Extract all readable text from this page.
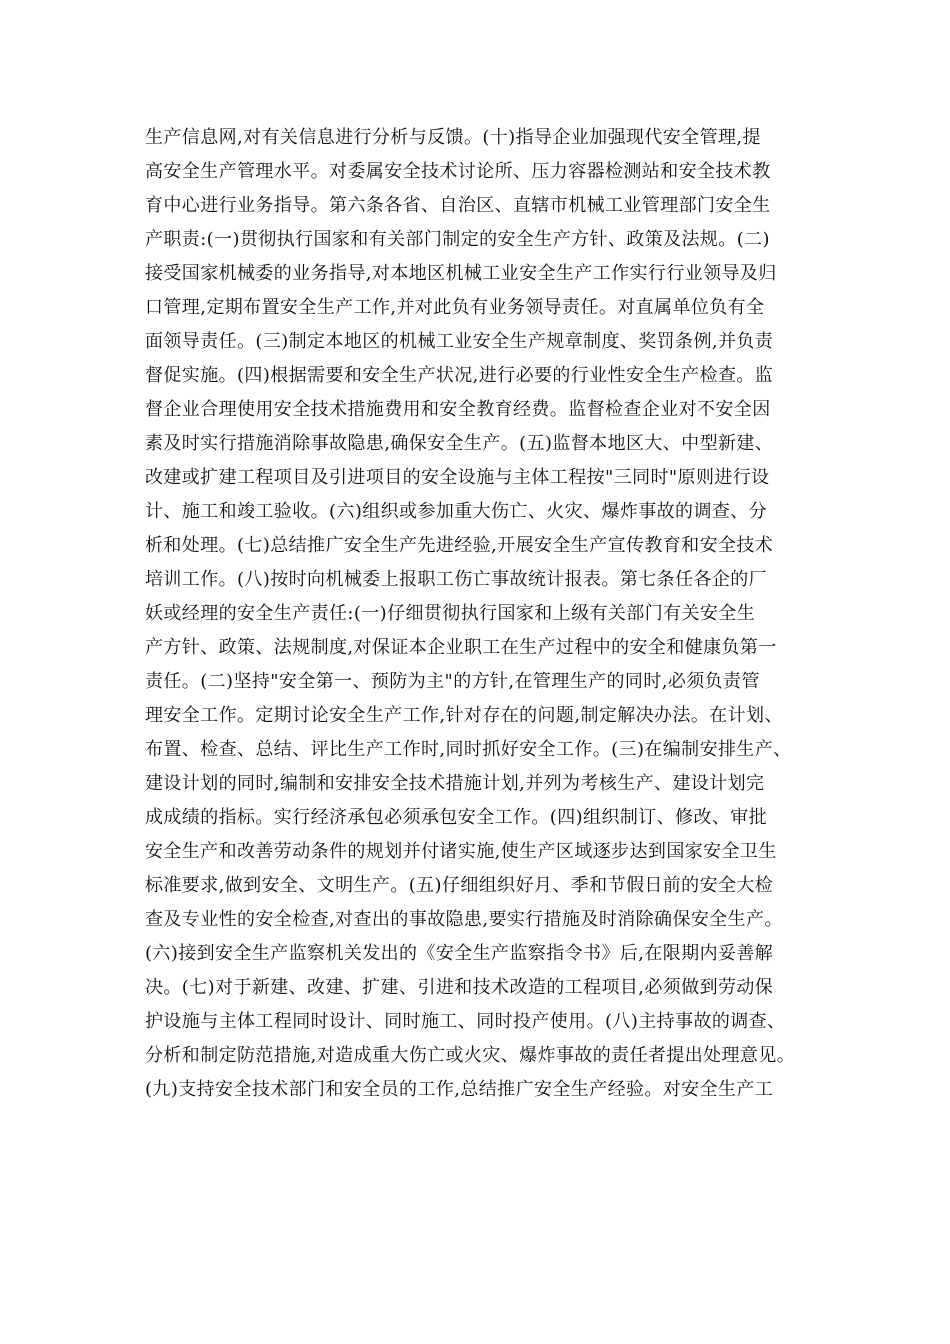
生产信息网,对有关信息进行分析与反馈。(十)指导企业加强现代安全管理,提
高安全生产管理水平。对委属安全技术讨论所、压力容器检测站和安全技术教
育中心进行业务指导。第六条各省、自治区、直辖市机械工业管理部门安全生
产职责:(一)贯彻执行国家和有关部门制定的安全生产方针、政策及法规。(二)
接受国家机械委的业务指导,对本地区机械工业安全生产工作实行行业领导及归
口管理,定期布置安全生产工作,并对此负有业务领导责任。对直属单位负有全
面领导责任。(三)制定本地区的机械工业安全生产规章制度、奖罚条例,并负责
督促实施。(四)根据需要和安全生产状况,进行必要的行业性安全生产检查。监
督企业合理使用安全技术措施费用和安全教育经费。监督检查企业对不安全因
素及时实行措施消除事故隐患,确保安全生产。(五)监督本地区大、中型新建、
改建或扩建工程项目及引进项目的安全设施与主体工程按"三同时"原则进行设
计、施工和竣工验收。(六)组织或参加重大伤亡、火灾、爆炸事故的调查、分
析和处理。(七)总结推广安全生产先进经验,开展安全生产宣传教育和安全技术
培训工作。(八)按时向机械委上报职工伤亡事故统计报表。第七条任各企的厂
妖或经理的安全生产责任:(一)仔细贯彻执行国家和上级有关部门有关安全生
产方针、政策、法规制度,对保证本企业职工在生产过程中的安全和健康负第一
责任。(二)坚持"安全第一、预防为主"的方针,在管理生产的同时,必须负责管
理安全工作。定期讨论安全生产工作,针对存在的问题,制定解决办法。在计划、
布置、检查、总结、评比生产工作时,同时抓好安全工作。(三)在编制安排生产、
建设计划的同时,编制和安排安全技术措施计划,并列为考核生产、建设计划完
成成绩的指标。实行经济承包必须承包安全工作。(四)组织制订、修改、审批
安全生产和改善劳动条件的规划并付诸实施,使生产区域逐步达到国家安全卫生
标准要求,做到安全、文明生产。(五)仔细组织好月、季和节假日前的安全大检
查及专业性的安全检查,对查出的事故隐患,要实行措施及时消除确保安全生产。
(六)接到安全生产监察机关发出的《安全生产监察指令书》后,在限期内妥善解
决。(七)对于新建、改建、扩建、引进和技术改造的工程项目,必须做到劳动保
护设施与主体工程同时设计、同时施工、同时投产使用。(八)主持事故的调查、
分析和制定防范措施,对造成重大伤亡或火灾、爆炸事故的责任者提出处理意见。
(九)支持安全技术部门和安全员的工作,总结推广安全生产经验。对安全生产工
